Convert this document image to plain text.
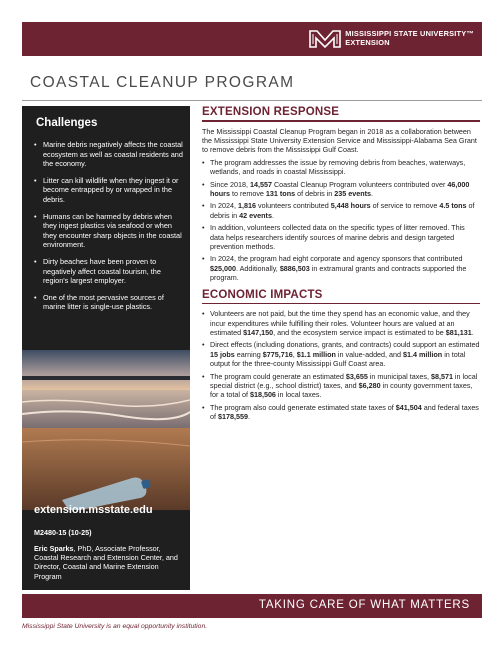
MISSISSIPPI STATE UNIVERSITY™
EXTENSION
COASTAL CLEANUP PROGRAM
Challenges
• Marine debris negatively affects the coastal ecosystem as well as coastal residents and the economy.
• Litter can kill wildlife when they ingest it or become entrapped by or wrapped in the debris.
• Humans can be harmed by debris when they ingest plastics via seafood or when they encounter sharp objects in the coastal environment.
• Dirty beaches have been proven to negatively affect coastal tourism, the region's largest employer.
• One of the most pervasive sources of marine litter is single-use plastics.
extension.msstate.edu
M2480-15 (10-25)
Eric Sparks, PhD, Associate Professor, Coastal Research and Extension Center, and Director, Coastal and Marine Extension Program
EXTENSION RESPONSE

The Mississippi Coastal Cleanup Program began in 2018 as a collaboration between the Mississippi State University Extension Service and Mississippi-Alabama Sea Grant to remove debris from the Mississippi Gulf Coast.

• The program addresses the issue by removing debris from beaches, waterways, wetlands, and roads in coastal Mississippi.
• Since 2018, 14,557 Coastal Cleanup Program volunteers contributed over 46,000 hours to remove 131 tons of debris in 235 events.
• In 2024, 1,816 volunteers contributed 5,448 hours of service to remove 4.5 tons of debris in 42 events.
• In addition, volunteers collected data on the specific types of litter removed. This data helps researchers identify sources of marine debris and design targeted prevention methods.
• In 2024, the program had eight corporate and agency sponsors that contributed $25,000. Additionally, $886,503 in extramural grants and contracts supported the program.
ECONOMIC IMPACTS
• Volunteers are not paid, but the time they spend has an economic value, and they incur expenditures while fulfilling their roles. Volunteer hours are valued at an estimated $147,150, and the ecosystem service impact is estimated to be $81,131.
• Direct effects (including donations, grants, and contracts) could support an estimated 15 jobs earning $775,716, $1.1 million in value-added, and $1.4 million in total output for the three-county Mississippi Gulf Coast area.
• The program could generate an estimated $3,655 in municipal taxes, $8,571 in local special district (e.g., school district) taxes, and $6,280 in county government taxes, for a total of $18,506 in local taxes.
• The program also could generate estimated state taxes of $41,504 and federal taxes of $178,559.
TAKING CARE OF WHAT MATTERS
Mississippi State University is an equal opportunity institution.
